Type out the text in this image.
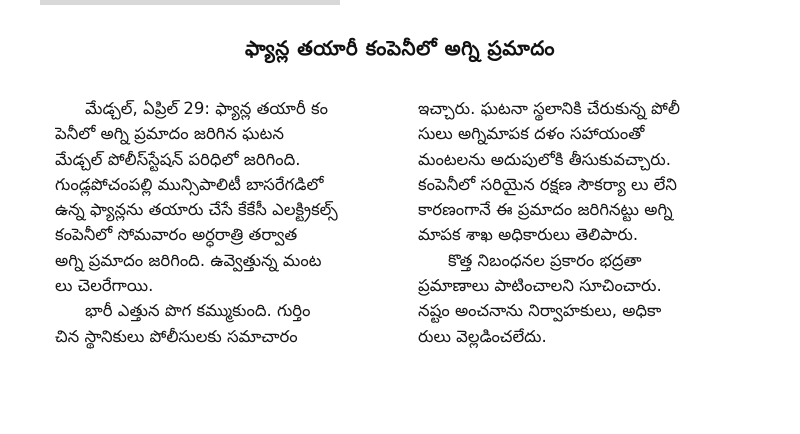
ఫ్యాన్ల తయారీ కంపెనీలో అగ్ని ప్రమాదం
మేడ్చల్, ఏప్రిల్ 29: ఫ్యాన్ల తయారీ కం
పెనీలో అగ్ని ప్రమాదం జరిగిన ఘటన
మేడ్చల్ పోలీస్‌స్టేషన్ పరిధిలో జరిగింది.
గుండ్లపోచంపల్లి మున్సిపాలిటీ బాసరేగడిలో
ఉన్న ఫ్యాన్లను తయారు చేసే కేకేసీ ఎలక్ట్రికల్స్
కంపెనీలో సోమవారం అర్ధరాత్రి తర్వాత
అగ్ని ప్రమాదం జరిగింది. ఉవ్వెత్తున్న మంట
లు చెలరేగాయి.
భారీ ఎత్తున పొగ కమ్ముకుంది. గుర్తిం
చిన స్థానికులు పోలీసులకు సమాచారం
ఇచ్చారు. ఘటనా స్థలానికి చేరుకున్న పోలీ
సులు అగ్నిమాపక దళం సహాయంతో
మంటలను అదుపులోకి తీసుకువచ్చారు.
కంపెనీలో సరియైన రక్షణ సౌకర్యా లు లేని
కారణంగానే ఈ ప్రమాదం జరిగినట్టు అగ్ని
మాపక శాఖ అధికారులు తెలిపారు.
కొత్త నిబంధనల ప్రకారం భద్రతా
ప్రమాణాలు పాటించాలని సూచించారు.
నష్టం అంచనాను నిర్వాహకులు, అధికా
రులు వెల్లడించలేదు.
